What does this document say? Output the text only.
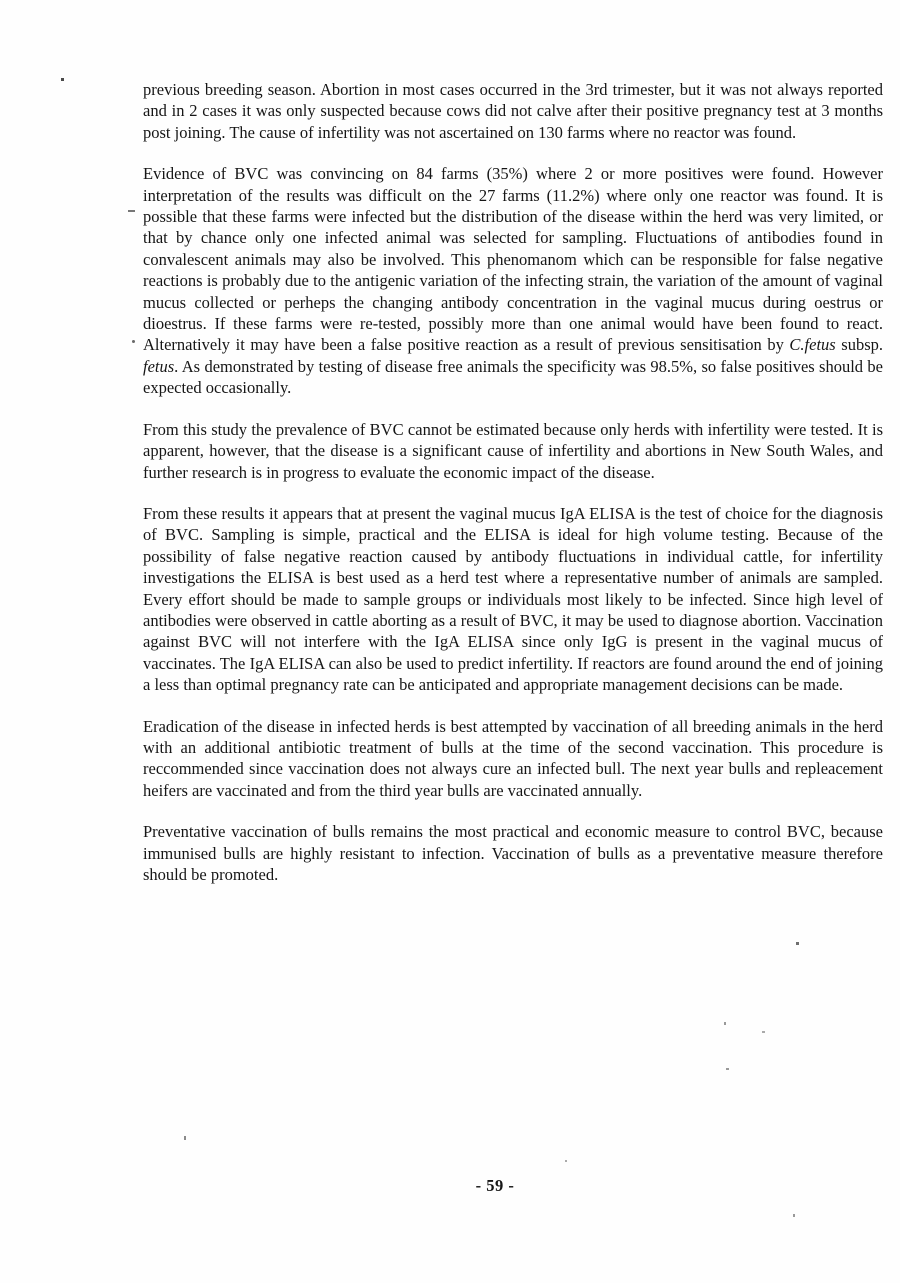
previous breeding season. Abortion in most cases occurred in the 3rd trimester, but it was not always reported and in 2 cases it was only suspected because cows did not calve after their positive pregnancy test at 3 months post joining. The cause of infertility was not ascertained on 130 farms where no reactor was found.

Evidence of BVC was convincing on 84 farms (35%) where 2 or more positives were found. However interpretation of the results was difficult on the 27 farms (11.2%) where only one reactor was found. It is possible that these farms were infected but the distribution of the disease within the herd was very limited, or that by chance only one infected animal was selected for sampling. Fluctuations of antibodies found in convalescent animals may also be involved. This phenomanom which can be responsible for false negative reactions is probably due to the antigenic variation of the infecting strain, the variation of the amount of vaginal mucus collected or perheps the changing antibody concentration in the vaginal mucus during oestrus or dioestrus. If these farms were re-tested, possibly more than one animal would have been found to react. Alternatively it may have been a false positive reaction as a result of previous sensitisation by C.fetus subsp. fetus. As demonstrated by testing of disease free animals the specificity was 98.5%, so false positives should be expected occasionally.

From this study the prevalence of BVC cannot be estimated because only herds with infertility were tested. It is apparent, however, that the disease is a significant cause of infertility and abortions in New South Wales, and further research is in progress to evaluate the economic impact of the disease.

From these results it appears that at present the vaginal mucus IgA ELISA is the test of choice for the diagnosis of BVC. Sampling is simple, practical and the ELISA is ideal for high volume testing. Because of the possibility of false negative reaction caused by antibody fluctuations in individual cattle, for infertility investigations the ELISA is best used as a herd test where a representative number of animals are sampled. Every effort should be made to sample groups or individuals most likely to be infected. Since high level of antibodies were observed in cattle aborting as a result of BVC, it may be used to diagnose abortion. Vaccination against BVC will not interfere with the IgA ELISA since only IgG is present in the vaginal mucus of vaccinates. The IgA ELISA can also be used to predict infertility. If reactors are found around the end of joining a less than optimal pregnancy rate can be anticipated and appropriate management decisions can be made.

Eradication of the disease in infected herds is best attempted by vaccination of all breeding animals in the herd with an additional antibiotic treatment of bulls at the time of the second vaccination. This procedure is reccommended since vaccination does not always cure an infected bull. The next year bulls and repleacement heifers are vaccinated and from the third year bulls are vaccinated annually.

Preventative vaccination of bulls remains the most practical and economic measure to control BVC, because immunised bulls are highly resistant to infection. Vaccination of bulls as a preventative measure therefore should be promoted.

- 59 -
